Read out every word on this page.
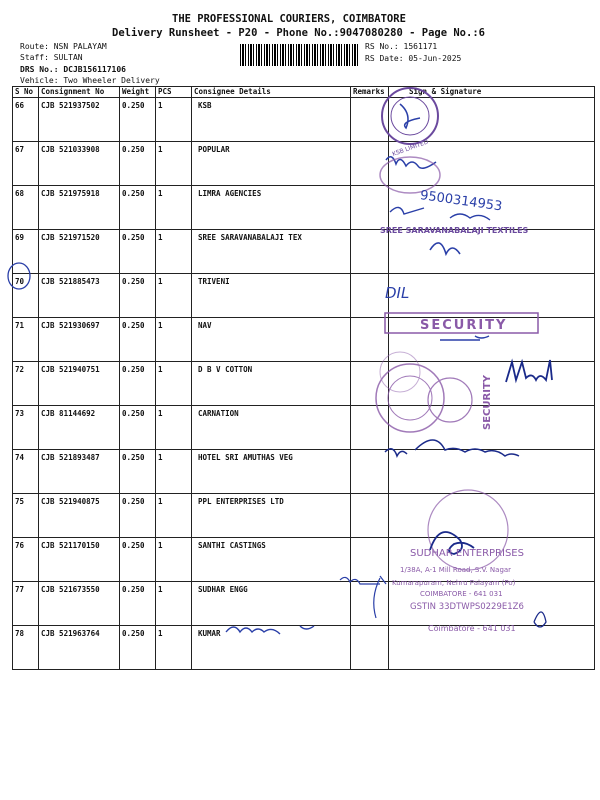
THE PROFESSIONAL COURIERS, COIMBATORE
Delivery Runsheet - P20 - Phone No.:9047080280 - Page No.:6
Route: NSN PALAYAM
Staff: SULTAN
DRS No.: DCJB156117106
Vehicle: Two Wheeler Delivery
RS No.: 1561171
RS Date: 05-Jun-2025
S No	Consignment No	Weight	PCS	Consignee Details	Remarks	Sign & Signature
66	CJB 521937502	0.250	1	KSB		
67	CJB 521033908	0.250	1	POPULAR		
68	CJB 521975918	0.250	1	LIMRA AGENCIES		
69	CJB 521971520	0.250	1	SREE SARAVANABALAJI TEX		
70	CJB 521885473	0.250	1	TRIVENI		
71	CJB 521930697	0.250	1	NAV		
72	CJB 521940751	0.250	1	D B V COTTON		
73	CJB 81144692	0.250	1	CARNATION		
74	CJB 521893487	0.250	1	HOTEL SRI AMUTHAS VEG		
75	CJB 521940875	0.250	1	PPL ENTERPRISES LTD		
76	CJB 521170150	0.250	1	SANTHI CASTINGS		
77	CJB 521673550	0.250	1	SUDHAR ENGG		
78	CJB 521963764	0.250	1	KUMAR		
KSB LIMITED
9500314953
SREE SARAVANABALAJI TEXTILES
DIL
SECURITY
SECURITY
SUDHAR ENTERPRISES
1/38A, A-1 Mill Road, S.V. Nagar
Kumarapuram, Nehru Palayam (Po)
COIMBATORE - 641 031
GSTIN 33DTWPS0229E1Z6
Coimbatore - 641 031
